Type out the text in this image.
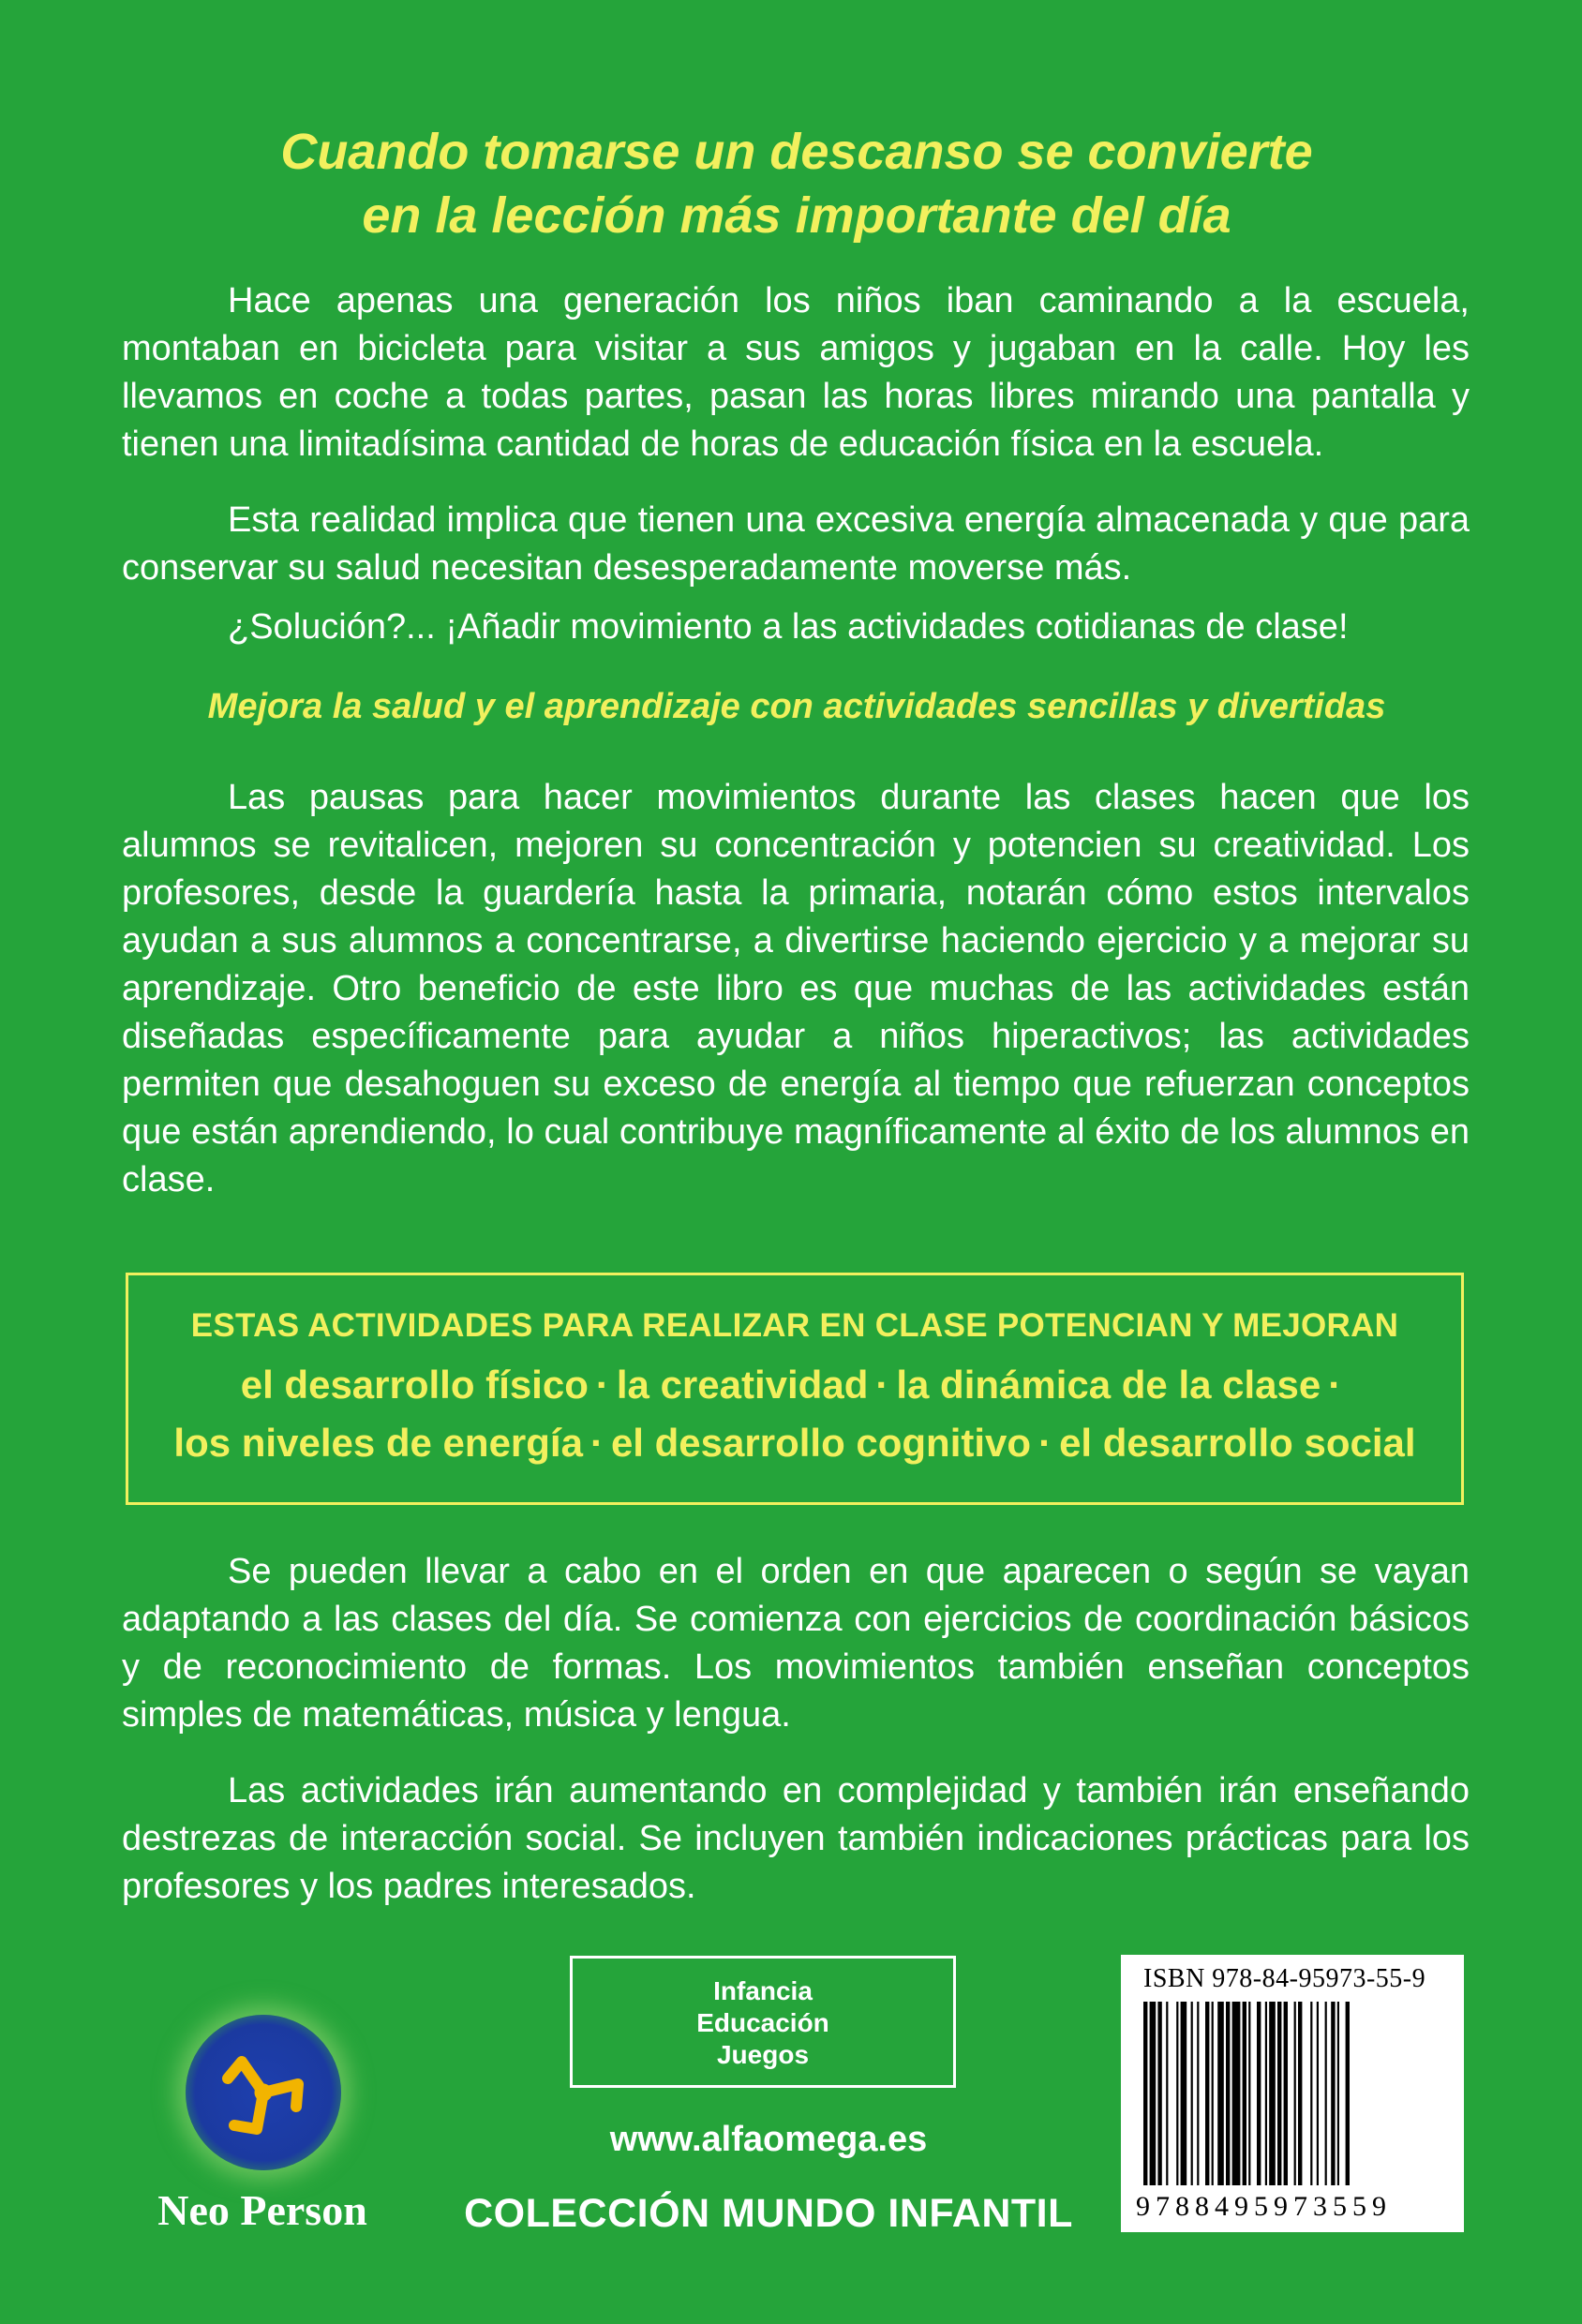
Cuando tomarse un descanso se convierte
en la lección más importante del día

Hace apenas una generación los niños iban caminando a la escuela, montaban en bicicleta para visitar a sus amigos y jugaban en la calle. Hoy les llevamos en coche a todas partes, pasan las horas libres mirando una pantalla y tienen una limitadísima cantidad de horas de educación física en la escuela.

Esta realidad implica que tienen una excesiva energía almacenada y que para conservar su salud necesitan desesperadamente moverse más.

¿Solución?... ¡Añadir movimiento a las actividades cotidianas de clase!

Mejora la salud y el aprendizaje con actividades sencillas y divertidas

Las pausas para hacer movimientos durante las clases hacen que los alumnos se revitalicen, mejoren su concentración y potencien su creatividad. Los profesores, desde la guardería hasta la primaria, notarán cómo estos intervalos ayudan a sus alumnos a concentrarse, a divertirse haciendo ejercicio y a mejorar su aprendizaje. Otro beneficio de este libro es que muchas de las actividades están diseñadas específicamente para ayudar a niños hiperactivos; las actividades permiten que desahoguen su exceso de energía al tiempo que refuerzan conceptos que están aprendiendo, lo cual contribuye magníficamente al éxito de los alumnos en clase.

ESTAS ACTIVIDADES PARA REALIZAR EN CLASE POTENCIAN Y MEJORAN
el desarrollo físico · la creatividad · la dinámica de la clase ·
los niveles de energía · el desarrollo cognitivo · el desarrollo social

Se pueden llevar a cabo en el orden en que aparecen o según se vayan adaptando a las clases del día. Se comienza con ejercicios de coordinación básicos y de reconocimiento de formas. Los movimientos también enseñan conceptos simples de matemáticas, música y lengua.

Las actividades irán aumentando en complejidad y también irán enseñando destrezas de interacción social. Se incluyen también indicaciones prácticas para los profesores y los padres interesados.

Neo Person
Infancia
Educación
Juegos
www.alfaomega.es
COLECCIÓN MUNDO INFANTIL
ISBN 978-84-95973-55-9
9788495973559
